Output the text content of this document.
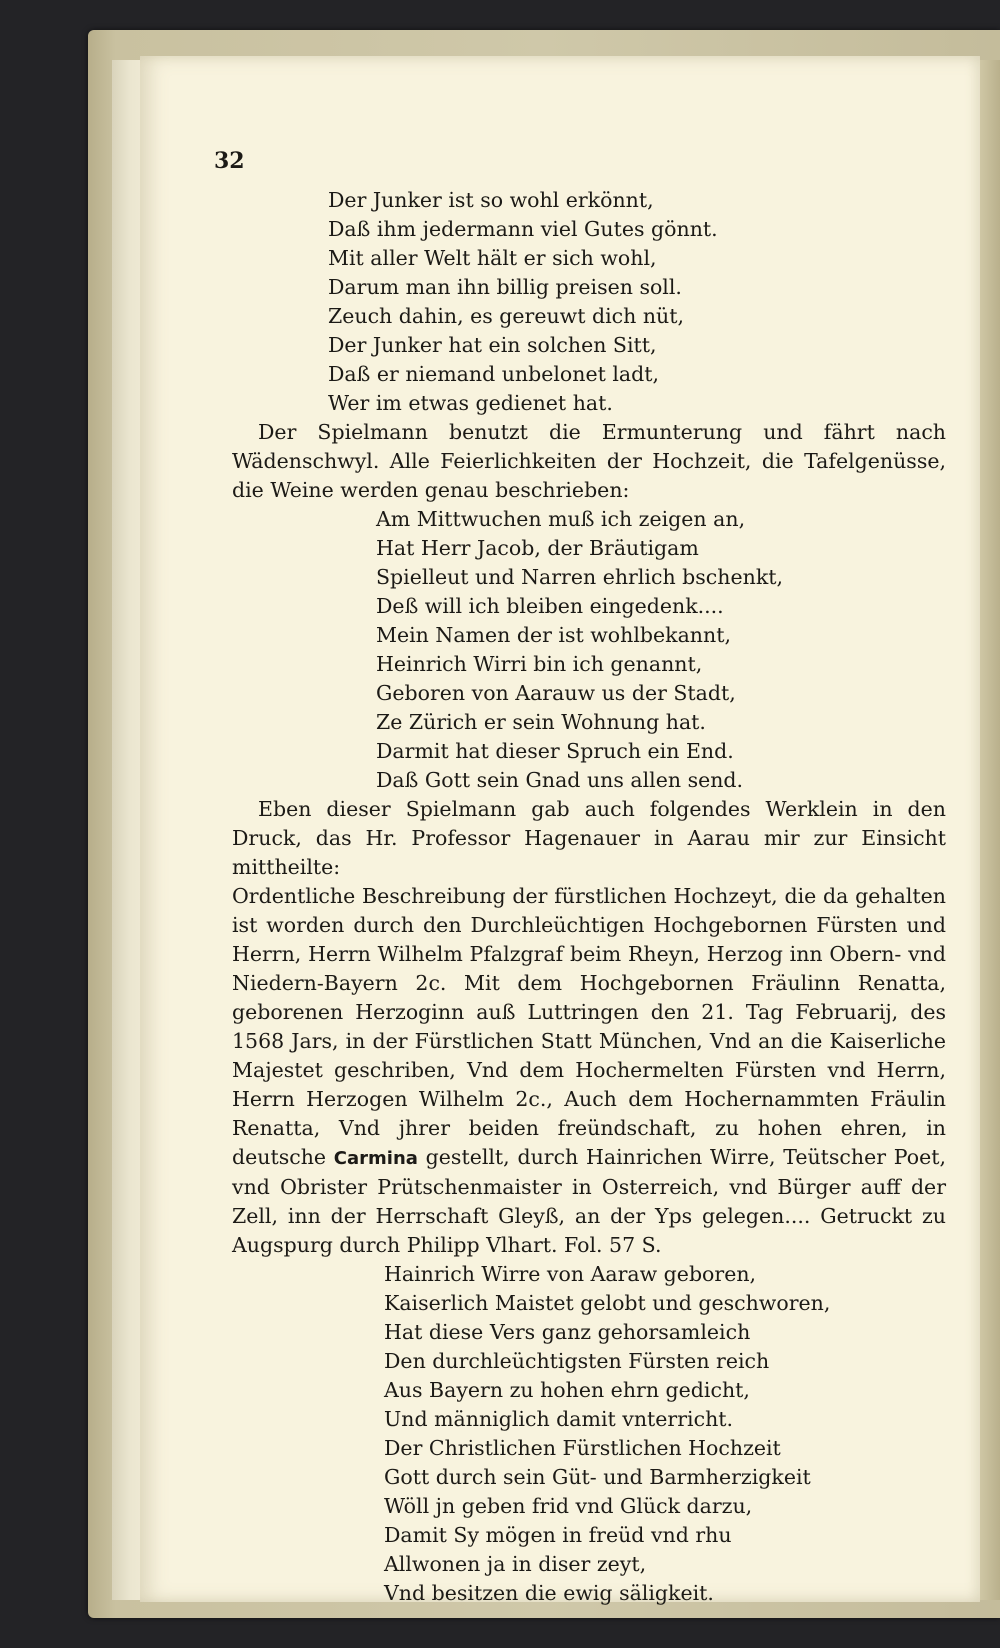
32
Der Junker ist so wohl erkönnt,
Daß ihm jedermann viel Gutes gönnt.
Mit aller Welt hält er sich wohl,
Darum man ihn billig preisen soll.
Zeuch dahin, es gereuwt dich nüt,
Der Junker hat ein solchen Sitt,
Daß er niemand unbelonet ladt,
Wer im etwas gedienet hat.

Der Spielmann benutzt die Ermunterung und fährt nach Wädenschwyl. Alle Feierlichkeiten der Hochzeit, die Tafelgenüsse, die Weine werden genau beschrieben:

Am Mittwuchen muß ich zeigen an,
Hat Herr Jacob, der Bräutigam
Spielleut und Narren ehrlich bschenkt,
Deß will ich bleiben eingedenk....
Mein Namen der ist wohlbekannt,
Heinrich Wirri bin ich genannt,
Geboren von Aarauw us der Stadt,
Ze Zürich er sein Wohnung hat.
Darmit hat dieser Spruch ein End.
Daß Gott sein Gnad uns allen send.

Eben dieser Spielmann gab auch folgendes Werklein in den Druck, das Hr. Professor Hagenauer in Aarau mir zur Einsicht mittheilte:

Ordentliche Beschreibung der fürstlichen Hochzeyt, die da gehalten ist worden durch den Durchleüchtigen Hochgebornen Fürsten und Herrn, Herrn Wilhelm Pfalzgraf beim Rheyn, Herzog inn Obern- vnd Niedern-Bayern 2c. Mit dem Hochgebornen Fräulinn Renatta, geborenen Herzoginn auß Luttringen den 21. Tag Februarij, des 1568 Jars, in der Fürstlichen Statt München, Vnd an die Kaiserliche Majestet geschriben, Vnd dem Hochermelten Fürsten vnd Herrn, Herrn Herzogen Wilhelm 2c., Auch dem Hochernammten Fräulin Renatta, Vnd jhrer beiden freündschaft, zu hohen ehren, in deutsche Carmina gestellt, durch Hainrichen Wirre, Teütscher Poet, vnd Obrister Prütschenmaister in Osterreich, vnd Bürger auff der Zell, inn der Herrschaft Gleyß, an der Yps gelegen.... Getruckt zu Augspurg durch Philipp Vlhart. Fol. 57 S.

Hainrich Wirre von Aaraw geboren,
Kaiserlich Maistet gelobt und geschworen,
Hat diese Vers ganz gehorsamleich
Den durchleüchtigsten Fürsten reich
Aus Bayern zu hohen ehrn gedicht,
Und männiglich damit vnterricht.
Der Christlichen Fürstlichen Hochzeit
Gott durch sein Güt- und Barmherzigkeit
Wöll jn geben frid vnd Glück darzu,
Damit Sy mögen in freüd vnd rhu
Allwonen ja in diser zeyt,
Vnd besitzen die ewig säligkeit.
